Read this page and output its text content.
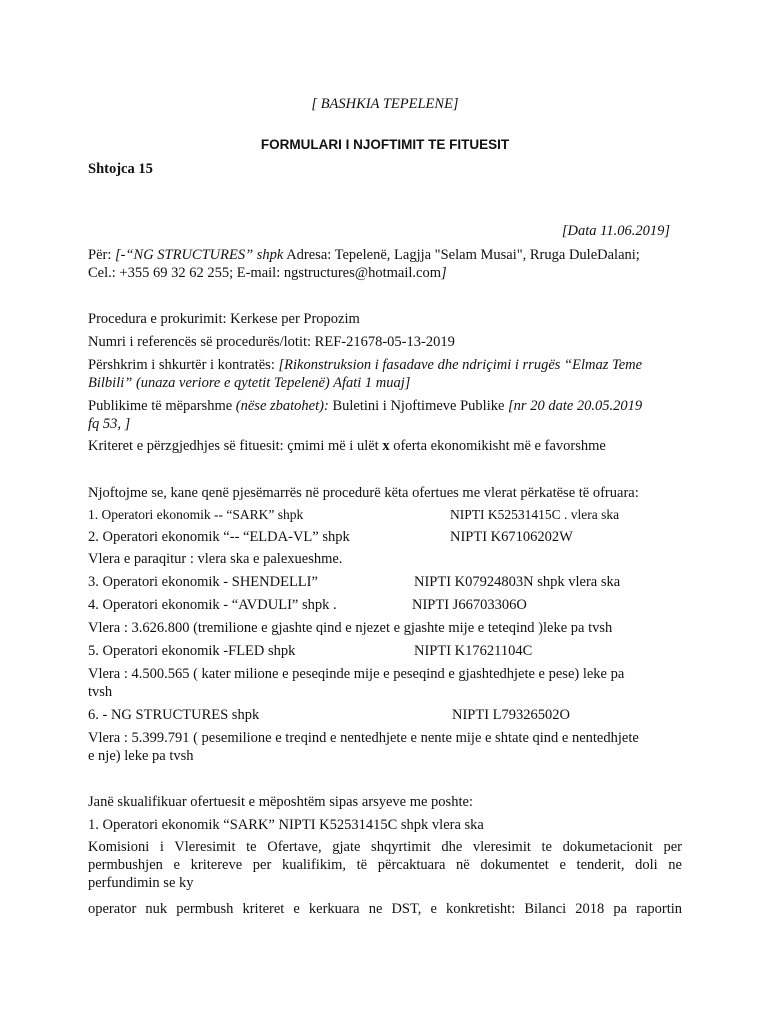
[ BASHKIA TEPELENE]
FORMULARI I NJOFTIMIT TE FITUESIT
Shtojca 15
[Data 11.06.2019]
Për: [-“NG STRUCTURES” shpk Adresa: Tepelenë, Lagjja "Selam Musai", Rruga DuleDalani;
Cel.: +355 69 32 62 255; E-mail: ngstructures@hotmail.com]
Procedura e prokurimit: Kerkese per Propozim
Numri i referencës së procedurës/lotit: REF-21678-05-13-2019
Përshkrim i shkurtër i kontratës: [Rikonstruksion i fasadave dhe ndriçimi i rrugës “Elmaz Teme
Bilbili” (unaza veriore e qytetit Tepelenë) Afati 1 muaj]
Publikime të mëparshme (nëse zbatohet): Buletini i Njoftimeve Publike [nr 20 date 20.05.2019
fq 53, ]
Kriteret e përzgjedhjes së fituesit: çmimi më i ulët x oferta ekonomikisht më e favorshme
Njoftojme se, kane qenë pjesëmarrës në procedurë këta ofertues me vlerat përkatëse të ofruara:
1. Operatori ekonomik -- “SARK” shpk	NIPTI K52531415C . vlera ska
2. Operatori ekonomik “-- “ELDA-VL” shpk	NIPTI K67106202W
Vlera e paraqitur : vlera ska e palexueshme.
3. Operatori ekonomik - SHENDELLI”	NIPTI K07924803N shpk vlera ska
4. Operatori ekonomik - “AVDULI” shpk .	NIPTI J66703306O
Vlera : 3.626.800 (tremilione e gjashte qind e njezet e gjashte mije e teteqind )leke pa tvsh
5. Operatori ekonomik -FLED shpk	NIPTI K17621104C
Vlera : 4.500.565 ( kater milione e peseqinde mije e peseqind e gjashtedhjete e pese) leke pa
tvsh
6. - NG STRUCTURES shpk	NIPTI L79326502O
Vlera : 5.399.791 ( pesemilione e treqind e nentedhjete e nente mije e shtate qind e nentedhjete
e nje) leke pa tvsh
Janë skualifikuar ofertuesit e mëposhtëm sipas arsyeve me poshte:
1. Operatori ekonomik “SARK” NIPTI K52531415C shpk vlera ska
Komisioni i Vleresimit te Ofertave, gjate shqyrtimit dhe vleresimit te dokumetacionit per
permbushjen e kritereve per kualifikim, të përcaktuara në dokumentet e tenderit, doli ne
perfundimin se ky
operator nuk permbush kriteret e kerkuara ne DST, e konkretisht: Bilanci 2018 pa raportin
